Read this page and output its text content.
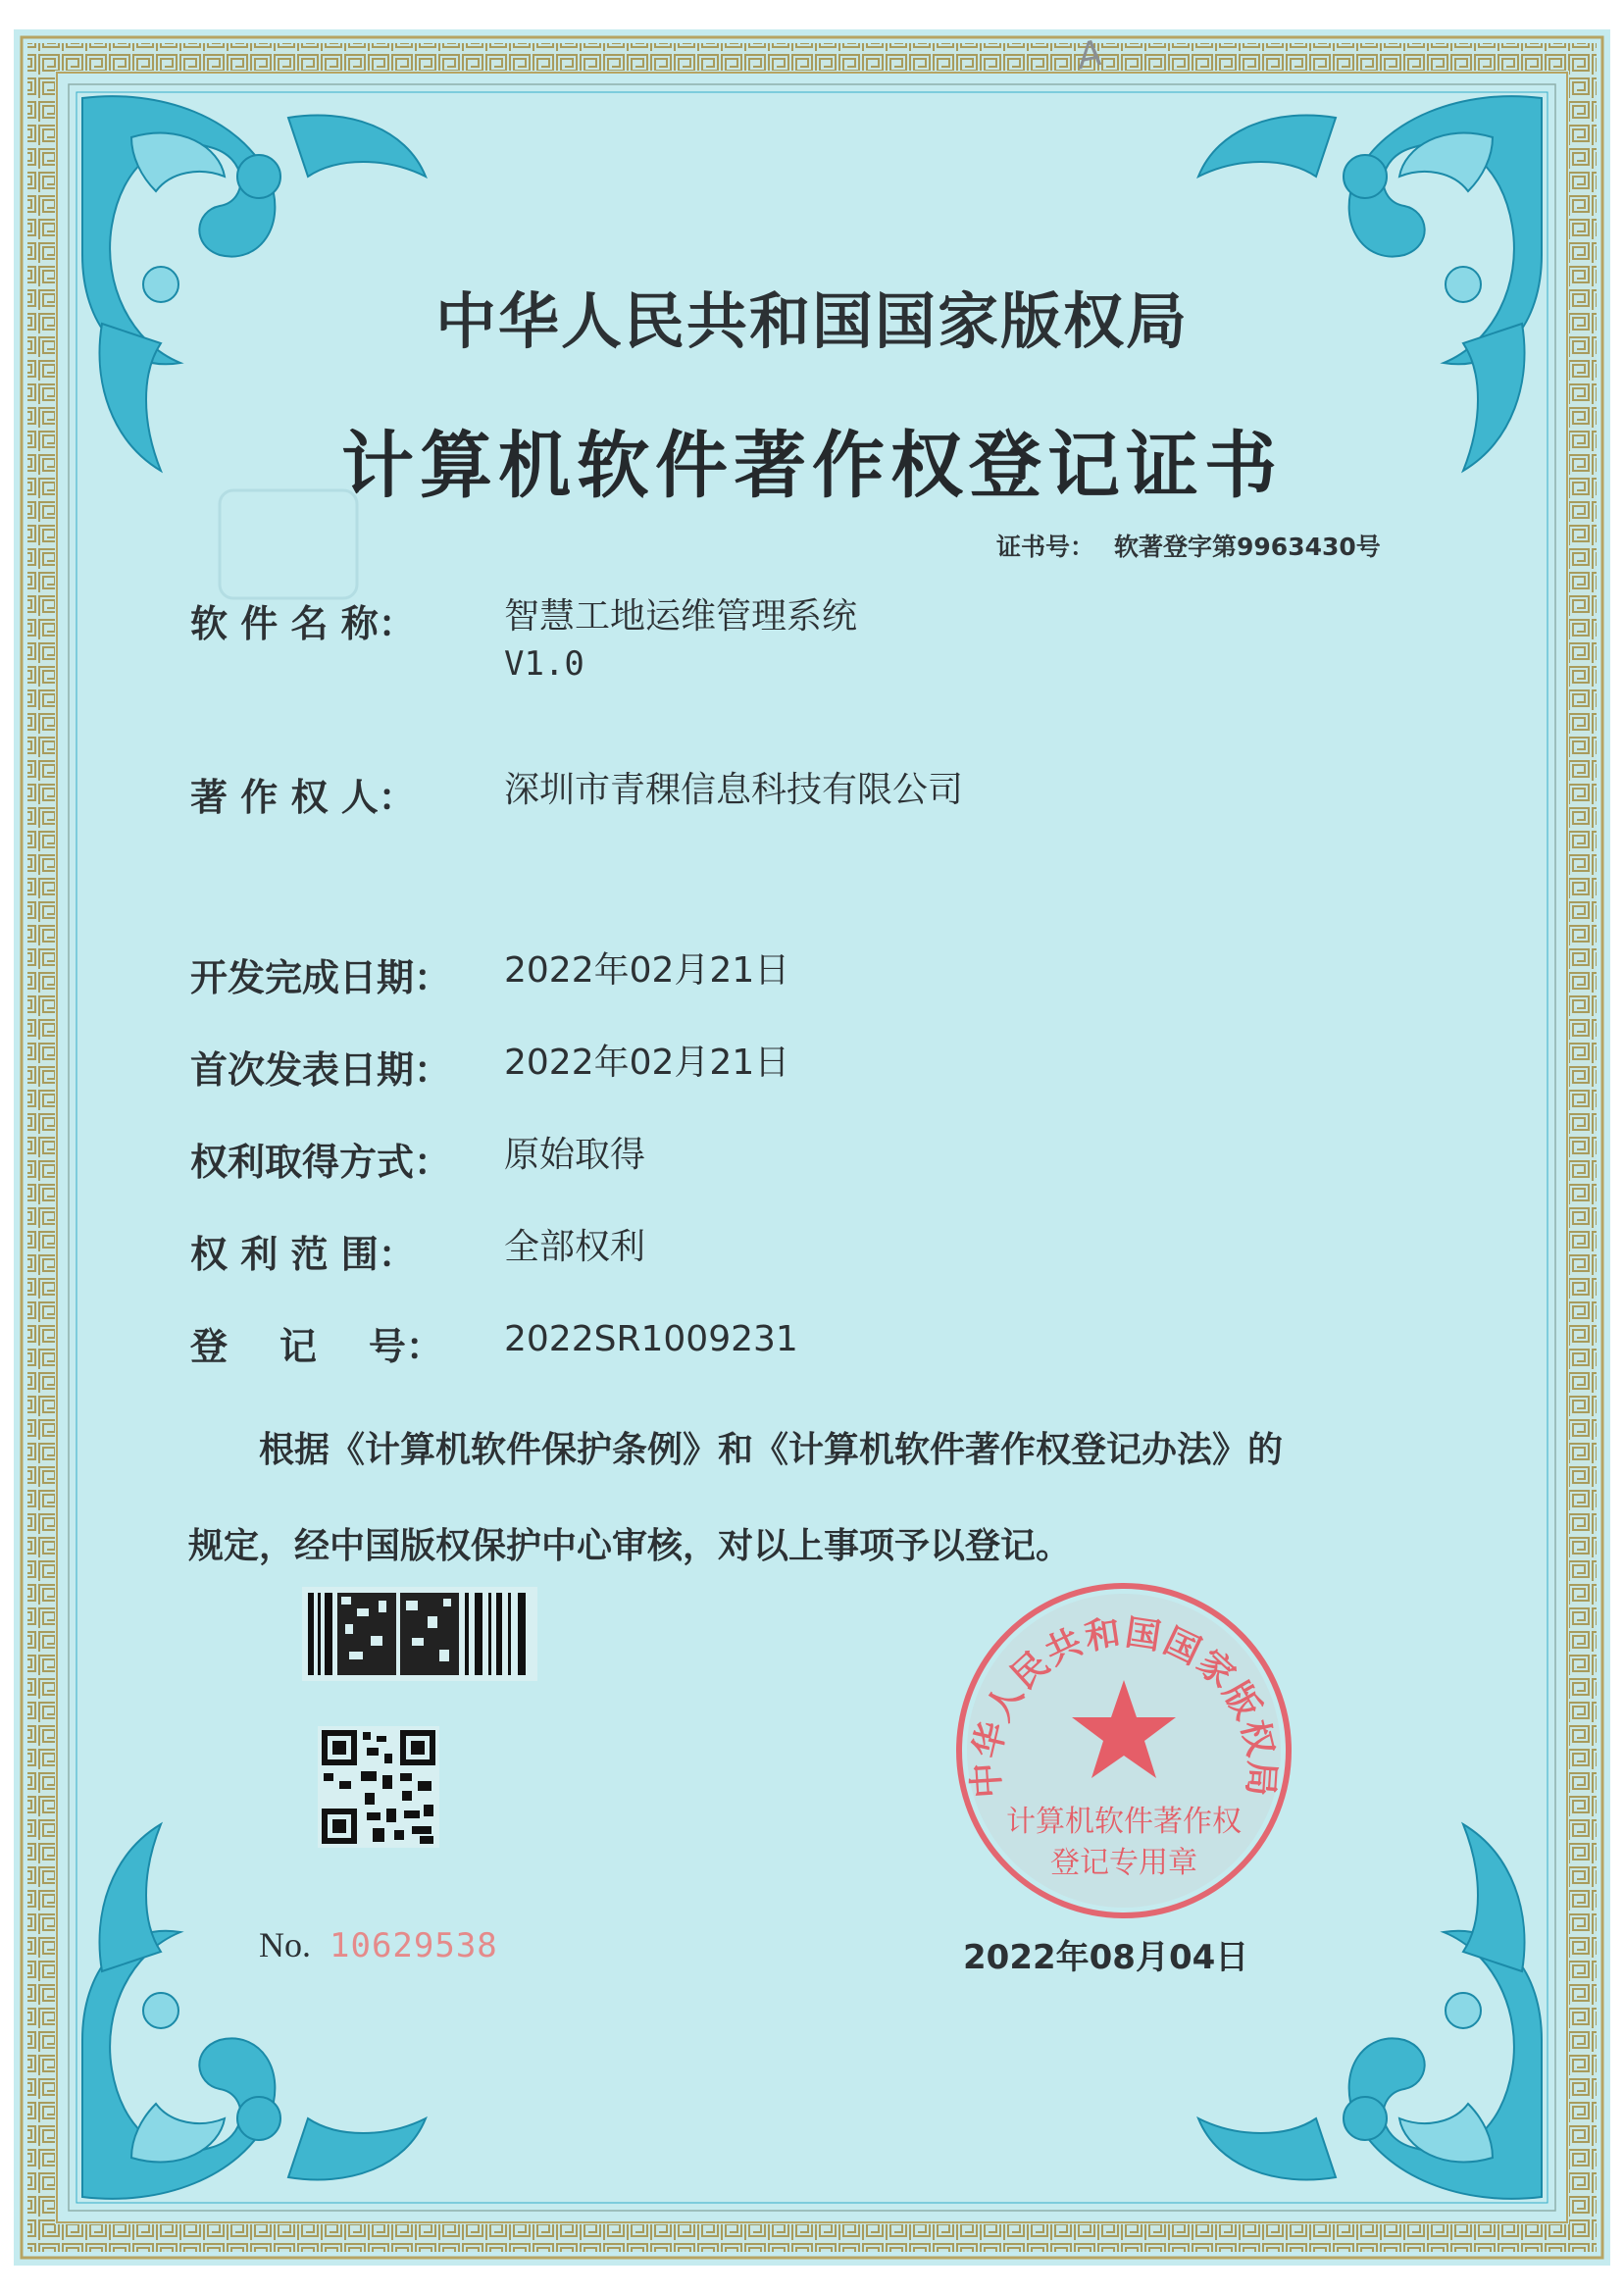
A
中华人民共和国国家版权局
计算机软件著作权登记证书
证书号： 软著登字第9963430号
软 件 名 称：	智慧工地运维管理系统
V1.0
著 作 权 人：	深圳市青稞信息科技有限公司
开发完成日期： 2022年02月21日
首次发表日期： 2022年02月21日
权利取得方式： 原始取得
权 利 范 围：	全部权利
登    记    号： 2022SR1009231
根据《计算机软件保护条例》和《计算机软件著作权登记办法》的
规定，经中国版权保护中心审核，对以上事项予以登记。
No. 10629538
中华人民共和国国家版权局
计算机软件著作权
登记专用章
2022年08月04日
